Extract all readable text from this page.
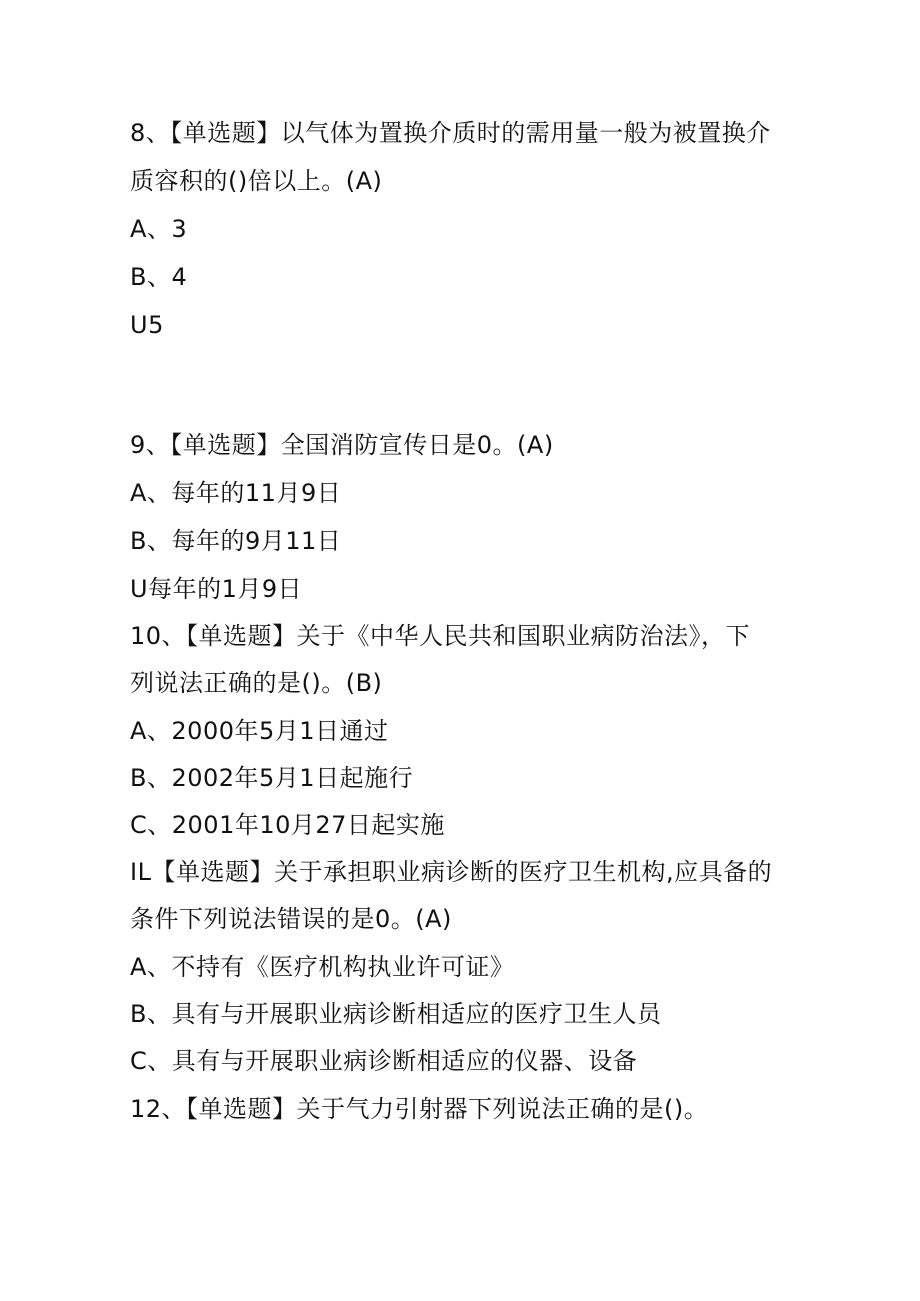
8、【单选题】以气体为置换介质时的需用量一般为被置换介
质容积的()倍以上。(A)
A、3
B、4
U5
9、【单选题】全国消防宣传日是0。(A)
A、每年的11月9日
B、每年的9月11日
U每年的1月9日
10、【单选题】关于《中华人民共和国职业病防治法》，下
列说法正确的是()。(B)
A、2000年5月1日通过
B、2002年5月1日起施行
C、2001年10月27日起实施
IL【单选题】关于承担职业病诊断的医疗卫生机构,应具备的
条件下列说法错误的是0。(A)
A、不持有《医疗机构执业许可证》
B、具有与开展职业病诊断相适应的医疗卫生人员
C、具有与开展职业病诊断相适应的仪器、设备
12、【单选题】关于气力引射器下列说法正确的是()。
